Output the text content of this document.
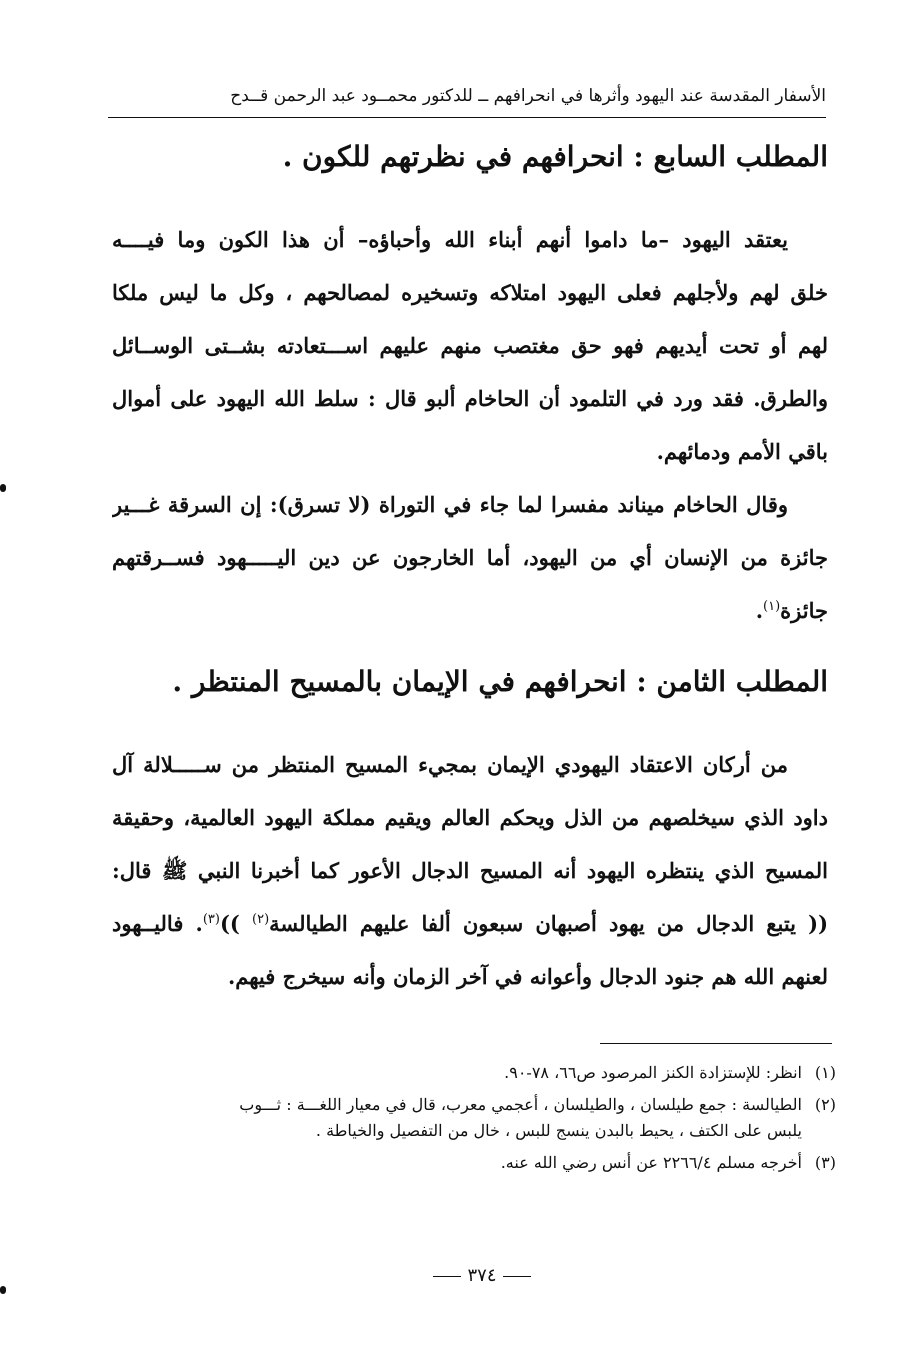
الأسفار المقدسة عند اليهود وأثرها في انحرافهم ــ للدكتور محمــود عبد الرحمن قــدح
المطلب السابع : انحرافهم في نظرتهم للكون .
يعتقد اليهود –ما داموا أنهم أبناء الله وأحباؤه– أن هذا الكون وما فيــــه
خلق لهم ولأجلهم فعلى اليهود امتلاكه وتسخيره لمصالحهم ، وكل ما ليس ملكا
لهم أو تحت أيديهم فهو حق مغتصب منهم عليهم اســـتعادته بشــتى الوســائل
والطرق. فقد ورد في التلمود أن الحاخام ألبو قال : سلط الله اليهود على أموال
باقي الأمم ودمائهم.
وقال الحاخام ميناند مفسرا لما جاء في التوراة (لا تسرق): إن السرقة غـــير
جائزة من الإنسان أي من اليهود، أما الخارجون عن دين اليـــــهود فســرقتهم
جائزة$^{(١)}$.
المطلب الثامن : انحرافهم في الإيمان بالمسيح المنتظر .
من أركان الاعتقاد اليهودي الإيمان بمجيء المسيح المنتظر من ســـــلالة آل
داود الذي سيخلصهم من الذل ويحكم العالم ويقيم مملكة اليهود العالمية، وحقيقة
المسيح الذي ينتظره اليهود أنه المسيح الدجال الأعور كما أخبرنا النبي ﷺ قال:
(( يتبع الدجال من يهود أصبهان سبعون ألفا عليهم الطيالسة$^{(٢)}$ ))$^{(٣)}$. فاليــهود
لعنهم الله هم جنود الدجال وأعوانه في آخر الزمان وأنه سيخرج فيهم.
(١)
انظر: للإستزادة الكنز المرصود ص٦٦، ٧٨-٩٠.
(٢)
الطيالسة : جمع طيلسان ، والطيلسان ، أعجمي معرب، قال في معيار اللغـــة : ثـــوب
يلبس على الكتف ، يحيط بالبدن ينسج للبس ، خال من التفصيل والخياطة .
(٣)
أخرجه مسلم ٢٢٦٦/٤ عن أنس رضي الله عنه.
٣٧٤
